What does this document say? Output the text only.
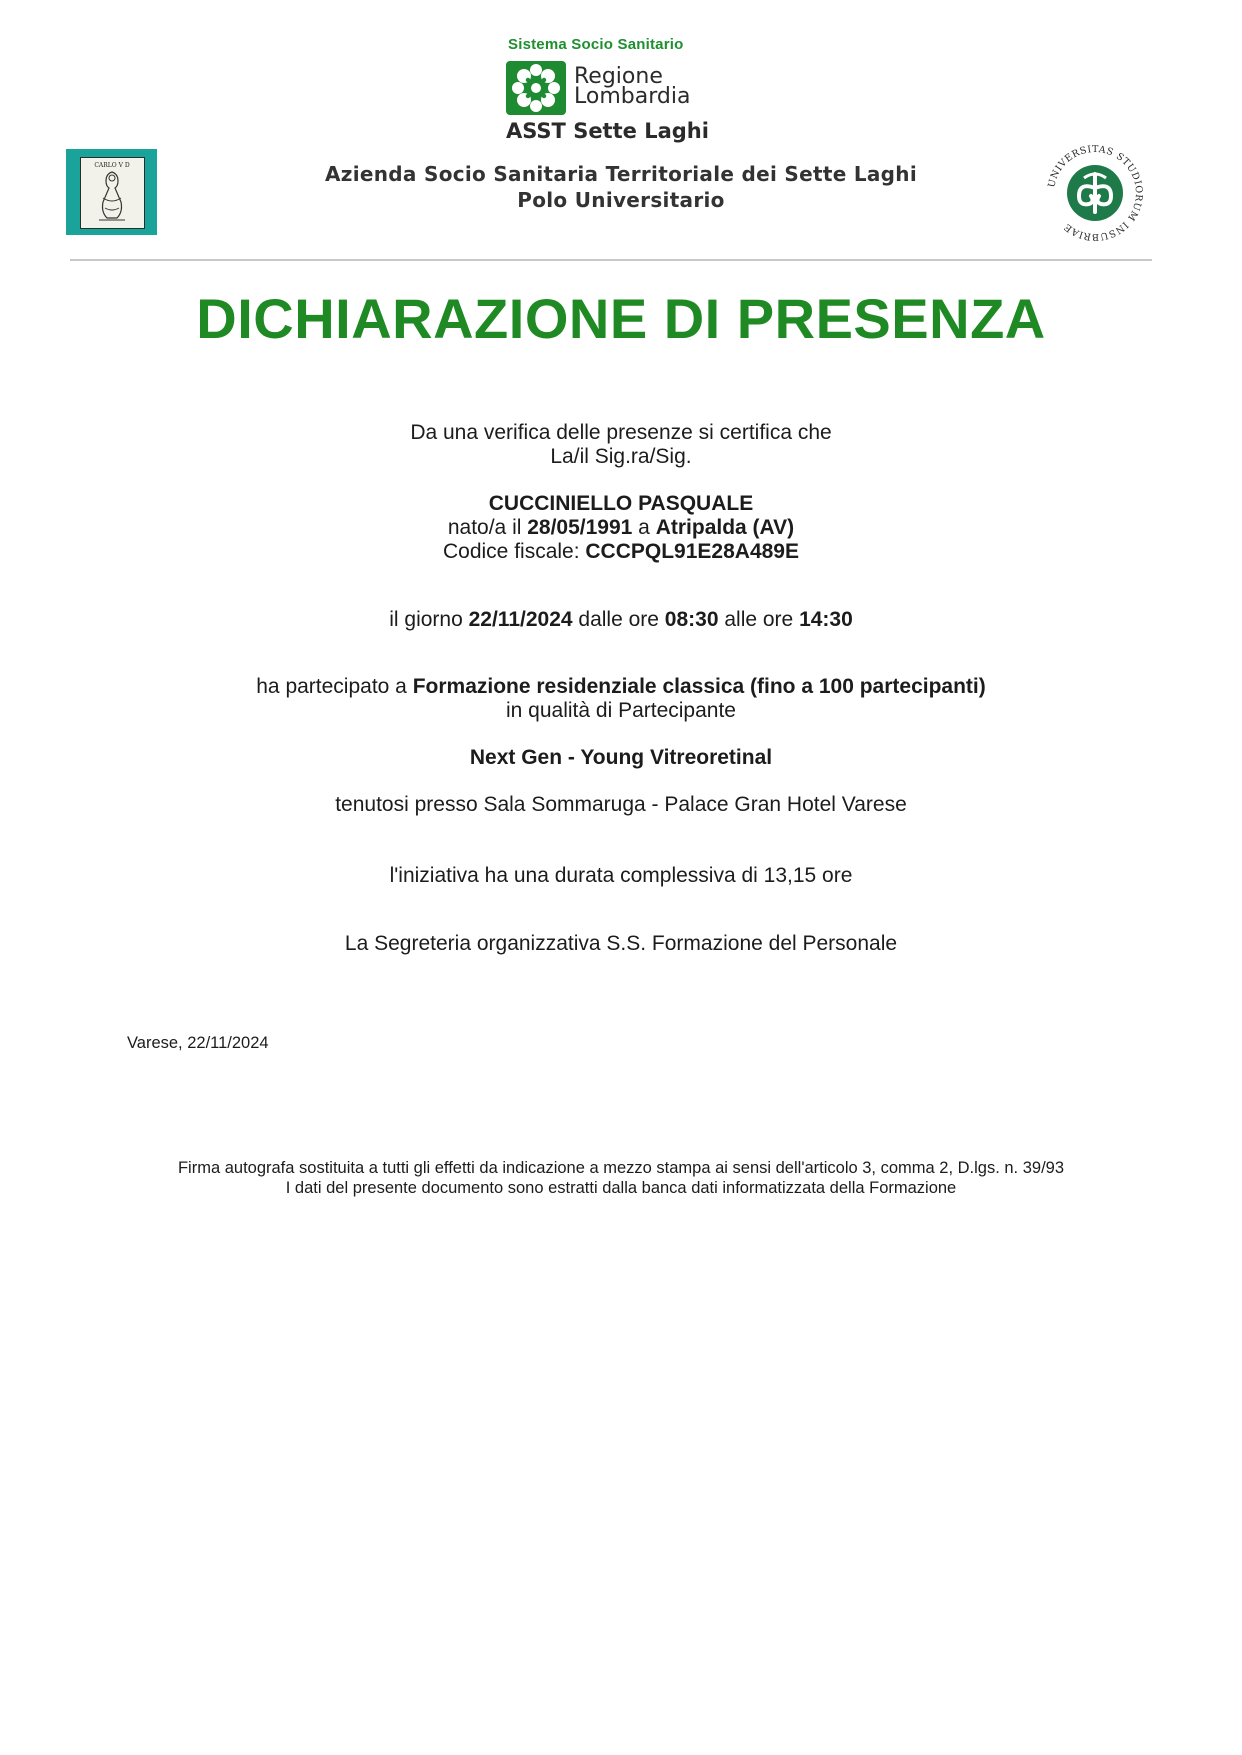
CARLO V D
Sistema Socio Sanitario
Regione
Lombardia
ASST Sette Laghi
Azienda Socio Sanitaria Territoriale dei Sette Laghi
Polo Universitario
UNIVERSITAS STUDIORUM INSUBRIAE
DICHIARAZIONE DI PRESENZA
Da una verifica delle presenze si certifica che
La/il Sig.ra/Sig.
CUCCINIELLO PASQUALE
nato/a il 28/05/1991 a Atripalda (AV)
Codice fiscale: CCCPQL91E28A489E
il giorno 22/11/2024 dalle ore 08:30 alle ore 14:30
ha partecipato a Formazione residenziale classica (fino a 100 partecipanti)
in qualità di Partecipante
Next Gen - Young Vitreoretinal
tenutosi presso Sala Sommaruga - Palace Gran Hotel Varese
l'iniziativa ha una durata complessiva di 13,15 ore
La Segreteria organizzativa S.S. Formazione del Personale
Varese, 22/11/2024
Firma autografa sostituita a tutti gli effetti da indicazione a mezzo stampa ai sensi dell'articolo 3, comma 2, D.lgs. n. 39/93
I dati del presente documento sono estratti dalla banca dati informatizzata della Formazione
